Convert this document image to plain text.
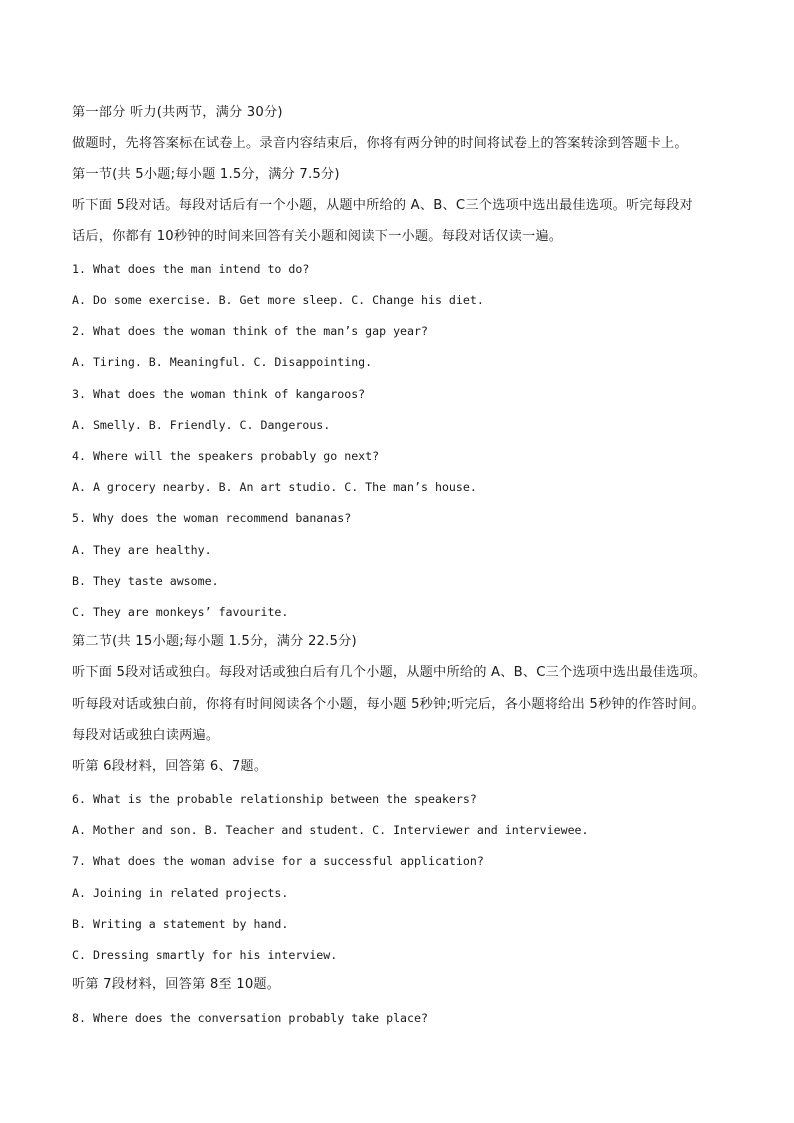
第一部分 听力(共两节，满分 30分)
做题时，先将答案标在试卷上。录音内容结束后，你将有两分钟的时间将试卷上的答案转涂到答题卡上。
第一节(共 5小题;每小题 1.5分，满分 7.5分)
听下面 5段对话。每段对话后有一个小题，从题中所给的 A、B、C三个选项中选出最佳选项。听完每段对
话后，你都有 10秒钟的时间来回答有关小题和阅读下一小题。每段对话仅读一遍。
1. What does the man intend to do?
A. Do some exercise. B. Get more sleep. C. Change his diet.
2. What does the woman think of the man’s gap year?
A. Tiring. B. Meaningful. C. Disappointing.
3. What does the woman think of kangaroos?
A. Smelly. B. Friendly. C. Dangerous.
4. Where will the speakers probably go next?
A. A grocery nearby. B. An art studio. C. The man’s house.
5. Why does the woman recommend bananas?
A. They are healthy.
B. They taste awsome.
C. They are monkeys’ favourite.
第二节(共 15小题;每小题 1.5分，满分 22.5分)
听下面 5段对话或独白。每段对话或独白后有几个小题，从题中所给的 A、B、C三个选项中选出最佳选项。
听每段对话或独白前，你将有时间阅读各个小题，每小题 5秒钟;听完后，各小题将给出 5秒钟的作答时间。
每段对话或独白读两遍。
听第 6段材料，回答第 6、7题。
6. What is the probable relationship between the speakers?
A. Mother and son. B. Teacher and student. C. Interviewer and interviewee.
7. What does the woman advise for a successful application?
A. Joining in related projects.
B. Writing a statement by hand.
C. Dressing smartly for his interview.
听第 7段材料，回答第 8至 10题。
8. Where does the conversation probably take place?
